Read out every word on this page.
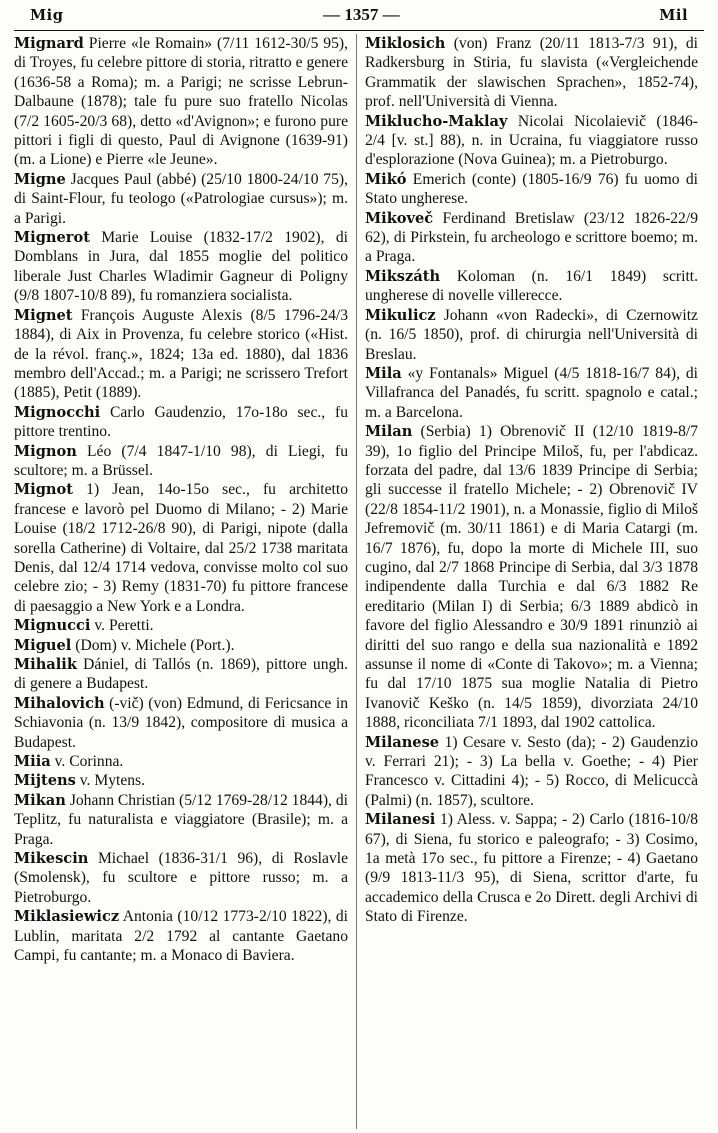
Mig	— 1357 —	Mil

Mignard Pierre «le Romain» (7/11 1612-30/5 95), di Troyes, fu celebre pittore di storia, ritratto e genere (1636-58 a Roma); m. a Parigi; ne scrisse Lebrun-Dalbaune (1878); tale fu pure suo fratello Nicolas (7/2 1605-20/3 68), detto «d'Avignon»; e furono pure pittori i figli di questo, Paul di Avignone (1639-91) (m. a Lione) e Pierre «le Jeune».

Migne Jacques Paul (abbé) (25/10 1800-24/10 75), di Saint-Flour, fu teologo («Patrologiae cursus»); m. a Parigi.

Mignerot Marie Louise (1832-17/2 1902), di Domblans in Jura, dal 1855 moglie del politico liberale Just Charles Wladimir Gagneur di Poligny (9/8 1807-10/8 89), fu romanziera socialista.

Mignet François Auguste Alexis (8/5 1796-24/3 1884), di Aix in Provenza, fu celebre storico («Hist. de la révol. franç.», 1824; 13a ed. 1880), dal 1836 membro dell'Accad.; m. a Parigi; ne scrissero Trefort (1885), Petit (1889).

Mignocchi Carlo Gaudenzio, 17o-18o sec., fu pittore trentino.

Mignon Léo (7/4 1847-1/10 98), di Liegi, fu scultore; m. a Brüssel.

Mignot 1) Jean, 14o-15o sec., fu architetto francese e lavorò pel Duomo di Milano; - 2) Marie Louise (18/2 1712-26/8 90), di Parigi, nipote (dalla sorella Catherine) di Voltaire, dal 25/2 1738 maritata Denis, dal 12/4 1714 vedova, convisse molto col suo celebre zio; - 3) Remy (1831-70) fu pittore francese di paesaggio a New York e a Londra.

Mignucci v. Peretti.

Miguel (Dom) v. Michele (Port.).

Mihalik Dániel, di Tallós (n. 1869), pittore ungh. di genere a Budapest.

Mihalovich (-vič) (von) Edmund, di Fericsance in Schiavonia (n. 13/9 1842), compositore di musica a Budapest.

Miia v. Corinna.

Mijtens v. Mytens.

Mikan Johann Christian (5/12 1769-28/12 1844), di Teplitz, fu naturalista e viaggiatore (Brasile); m. a Praga.

Mikescin Michael (1836-31/1 96), di Roslavle (Smolensk), fu scultore e pittore russo; m. a Pietroburgo.

Miklasiewicz Antonia (10/12 1773-2/10 1822), di Lublin, maritata 2/2 1792 al cantante Gaetano Campi, fu cantante; m. a Monaco di Baviera.

Miklosich (von) Franz (20/11 1813-7/3 91), di Radkersburg in Stiria, fu slavista («Vergleichende Grammatik der slawischen Sprachen», 1852-74), prof. nell'Università di Vienna.

Miklucho-Maklay Nicolai Nicolaievič (1846-2/4 [v. st.] 88), n. in Ucraina, fu viaggiatore russo d'esplorazione (Nova Guinea); m. a Pietroburgo.

Mikó Emerich (conte) (1805-16/9 76) fu uomo di Stato ungherese.

Mikoveč Ferdinand Bretislaw (23/12 1826-22/9 62), di Pirkstein, fu archeologo e scrittore boemo; m. a Praga.

Mikszáth Koloman (n. 16/1 1849) scritt. ungherese di novelle villerecce.

Mikulicz Johann «von Radecki», di Czernowitz (n. 16/5 1850), prof. di chirurgia nell'Università di Breslau.

Mila «y Fontanals» Miguel (4/5 1818-16/7 84), di Villafranca del Panadés, fu scritt. spagnolo e catal.; m. a Barcelona.

Milan (Serbia) 1) Obrenovič II (12/10 1819-8/7 39), 1o figlio del Principe Miloš, fu, per l'abdicaz. forzata del padre, dal 13/6 1839 Principe di Serbia; gli successe il fratello Michele; - 2) Obrenovič IV (22/8 1854-11/2 1901), n. a Monassie, figlio di Miloš Jefremovič (m. 30/11 1861) e di Maria Catargi (m. 16/7 1876), fu, dopo la morte di Michele III, suo cugino, dal 2/7 1868 Principe di Serbia, dal 3/3 1878 indipendente dalla Turchia e dal 6/3 1882 Re ereditario (Milan I) di Serbia; 6/3 1889 abdicò in favore del figlio Alessandro e 30/9 1891 rinunziò ai diritti del suo rango e della sua nazionalità e 1892 assunse il nome di «Conte di Takovo»; m. a Vienna; fu dal 17/10 1875 sua moglie Natalia di Pietro Ivanovič Keško (n. 14/5 1859), divorziata 24/10 1888, riconciliata 7/1 1893, dal 1902 cattolica.

Milanese 1) Cesare v. Sesto (da); - 2) Gaudenzio v. Ferrari 21); - 3) La bella v. Goethe; - 4) Pier Francesco v. Cittadini 4); - 5) Rocco, di Melicuccà (Palmi) (n. 1857), scultore.

Milanesi 1) Aless. v. Sappa; - 2) Carlo (1816-10/8 67), di Siena, fu storico e paleografo; - 3) Cosimo, 1a metà 17o sec., fu pittore a Firenze; - 4) Gaetano (9/9 1813-11/3 95), di Siena, scrittor d'arte, fu accademico della Crusca e 2o Dirett. degli Archivi di Stato di Firenze.
